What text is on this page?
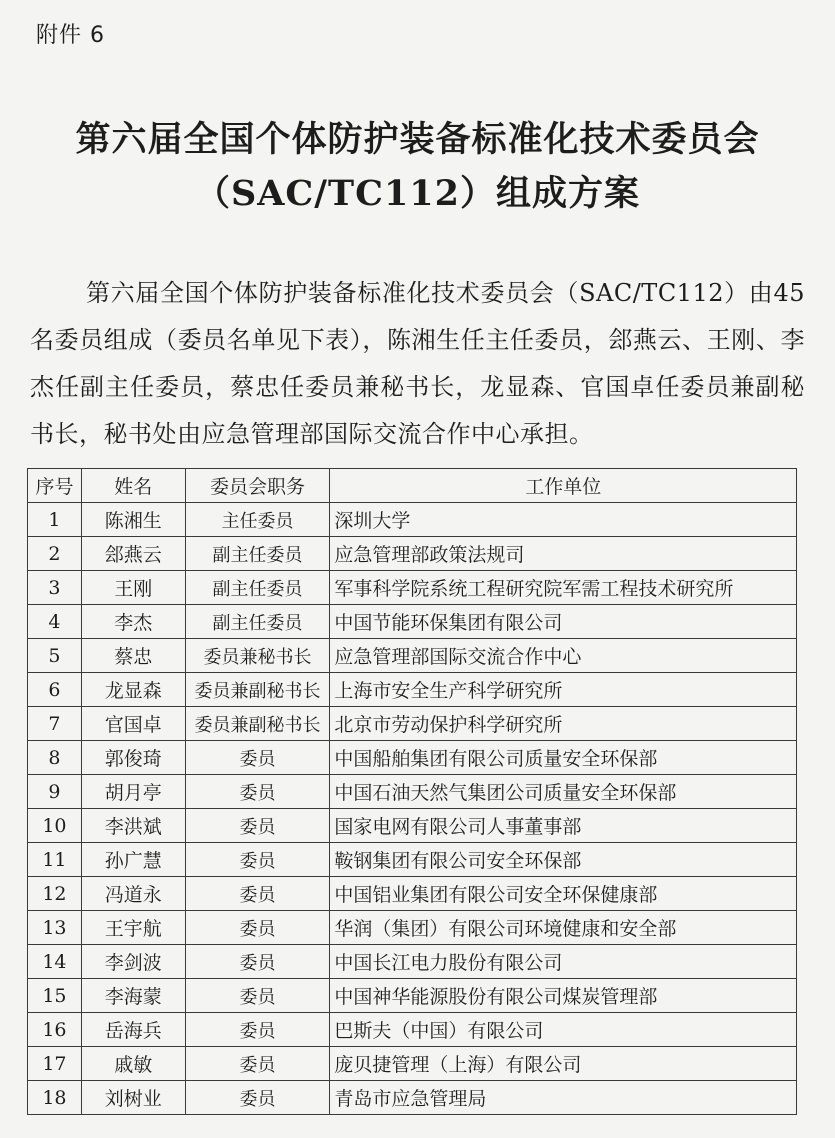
附件 6
第六届全国个体防护装备标准化技术委员会
（SAC/TC112）组成方案
第六届全国个体防护装备标准化技术委员会（SAC/TC112）由45名委员组成（委员名单见下表），陈湘生任主任委员，郐燕云、王刚、李杰任副主任委员，蔡忠任委员兼秘书长，龙显森、官国卓任委员兼副秘书长，秘书处由应急管理部国际交流合作中心承担。
序号	姓名	委员会职务	工作单位
1	陈湘生	主任委员	深圳大学
2	郐燕云	副主任委员	应急管理部政策法规司
3	王刚	副主任委员	军事科学院系统工程研究院军需工程技术研究所
4	李杰	副主任委员	中国节能环保集团有限公司
5	蔡忠	委员兼秘书长	应急管理部国际交流合作中心
6	龙显森	委员兼副秘书长	上海市安全生产科学研究所
7	官国卓	委员兼副秘书长	北京市劳动保护科学研究所
8	郭俊琦	委员	中国船舶集团有限公司质量安全环保部
9	胡月亭	委员	中国石油天然气集团公司质量安全环保部
10	李洪斌	委员	国家电网有限公司人事董事部
11	孙广慧	委员	鞍钢集团有限公司安全环保部
12	冯道永	委员	中国铝业集团有限公司安全环保健康部
13	王宇航	委员	华润（集团）有限公司环境健康和安全部
14	李剑波	委员	中国长江电力股份有限公司
15	李海蒙	委员	中国神华能源股份有限公司煤炭管理部
16	岳海兵	委员	巴斯夫（中国）有限公司
17	戚敏	委员	庞贝捷管理（上海）有限公司
18	刘树业	委员	青岛市应急管理局
